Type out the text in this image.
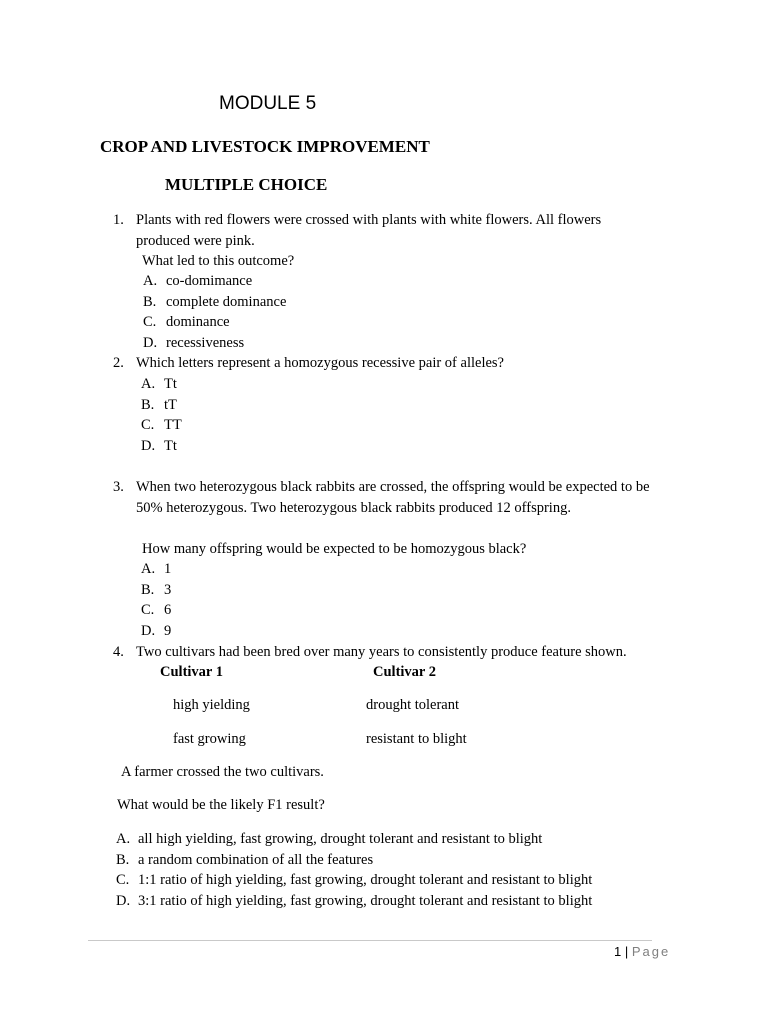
MODULE 5
CROP AND LIVESTOCK IMPROVEMENT
MULTIPLE CHOICE
1. Plants with red flowers were crossed with plants with white flowers. All flowers
produced were pink.
What led to this outcome?
A. co-domimance
B. complete dominance
C. dominance
D. recessiveness
2. Which letters represent a homozygous recessive pair of alleles?
A. Tt
B. tT
C. TT
D. Tt
3. When two heterozygous black rabbits are crossed, the offspring would be expected to be
50% heterozygous. Two heterozygous black rabbits produced 12 offspring.
How many offspring would be expected to be homozygous black?
A. 1
B. 3
C. 6
D. 9
4. Two cultivars had been bred over many years to consistently produce feature shown.
Cultivar 1	Cultivar 2
high yielding	drought tolerant
fast growing	resistant to blight
A farmer crossed the two cultivars.
What would be the likely F1 result?
A. all high yielding, fast growing, drought tolerant and resistant to blight
B. a random combination of all the features
C. 1:1 ratio of high yielding, fast growing, drought tolerant and resistant to blight
D. 3:1 ratio of high yielding, fast growing, drought tolerant and resistant to blight
1 | Page
